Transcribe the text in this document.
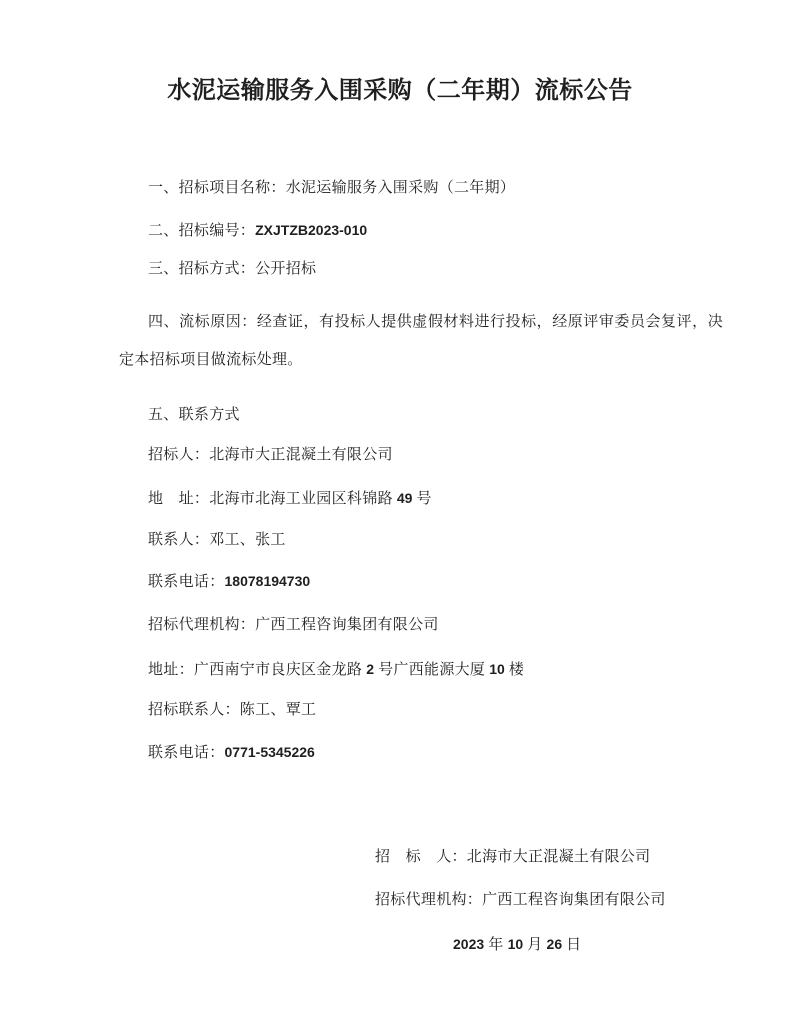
水泥运输服务入围采购（二年期）流标公告

一、招标项目名称：水泥运输服务入围采购（二年期）

二、招标编号：ZXJTZB2023-010

三、招标方式：公开招标

四、流标原因：经查证，有投标人提供虚假材料进行投标，经原评审委员会复评，决定本招标项目做流标处理。

五、联系方式

招标人：北海市大正混凝土有限公司

地　址：北海市北海工业园区科锦路 49 号

联系人：邓工、张工

联系电话：18078194730

招标代理机构：广西工程咨询集团有限公司

地址：广西南宁市良庆区金龙路 2 号广西能源大厦 10 楼

招标联系人：陈工、覃工

联系电话：0771-5345226

招　标　人：北海市大正混凝土有限公司

招标代理机构：广西工程咨询集团有限公司

2023 年 10 月 26 日
